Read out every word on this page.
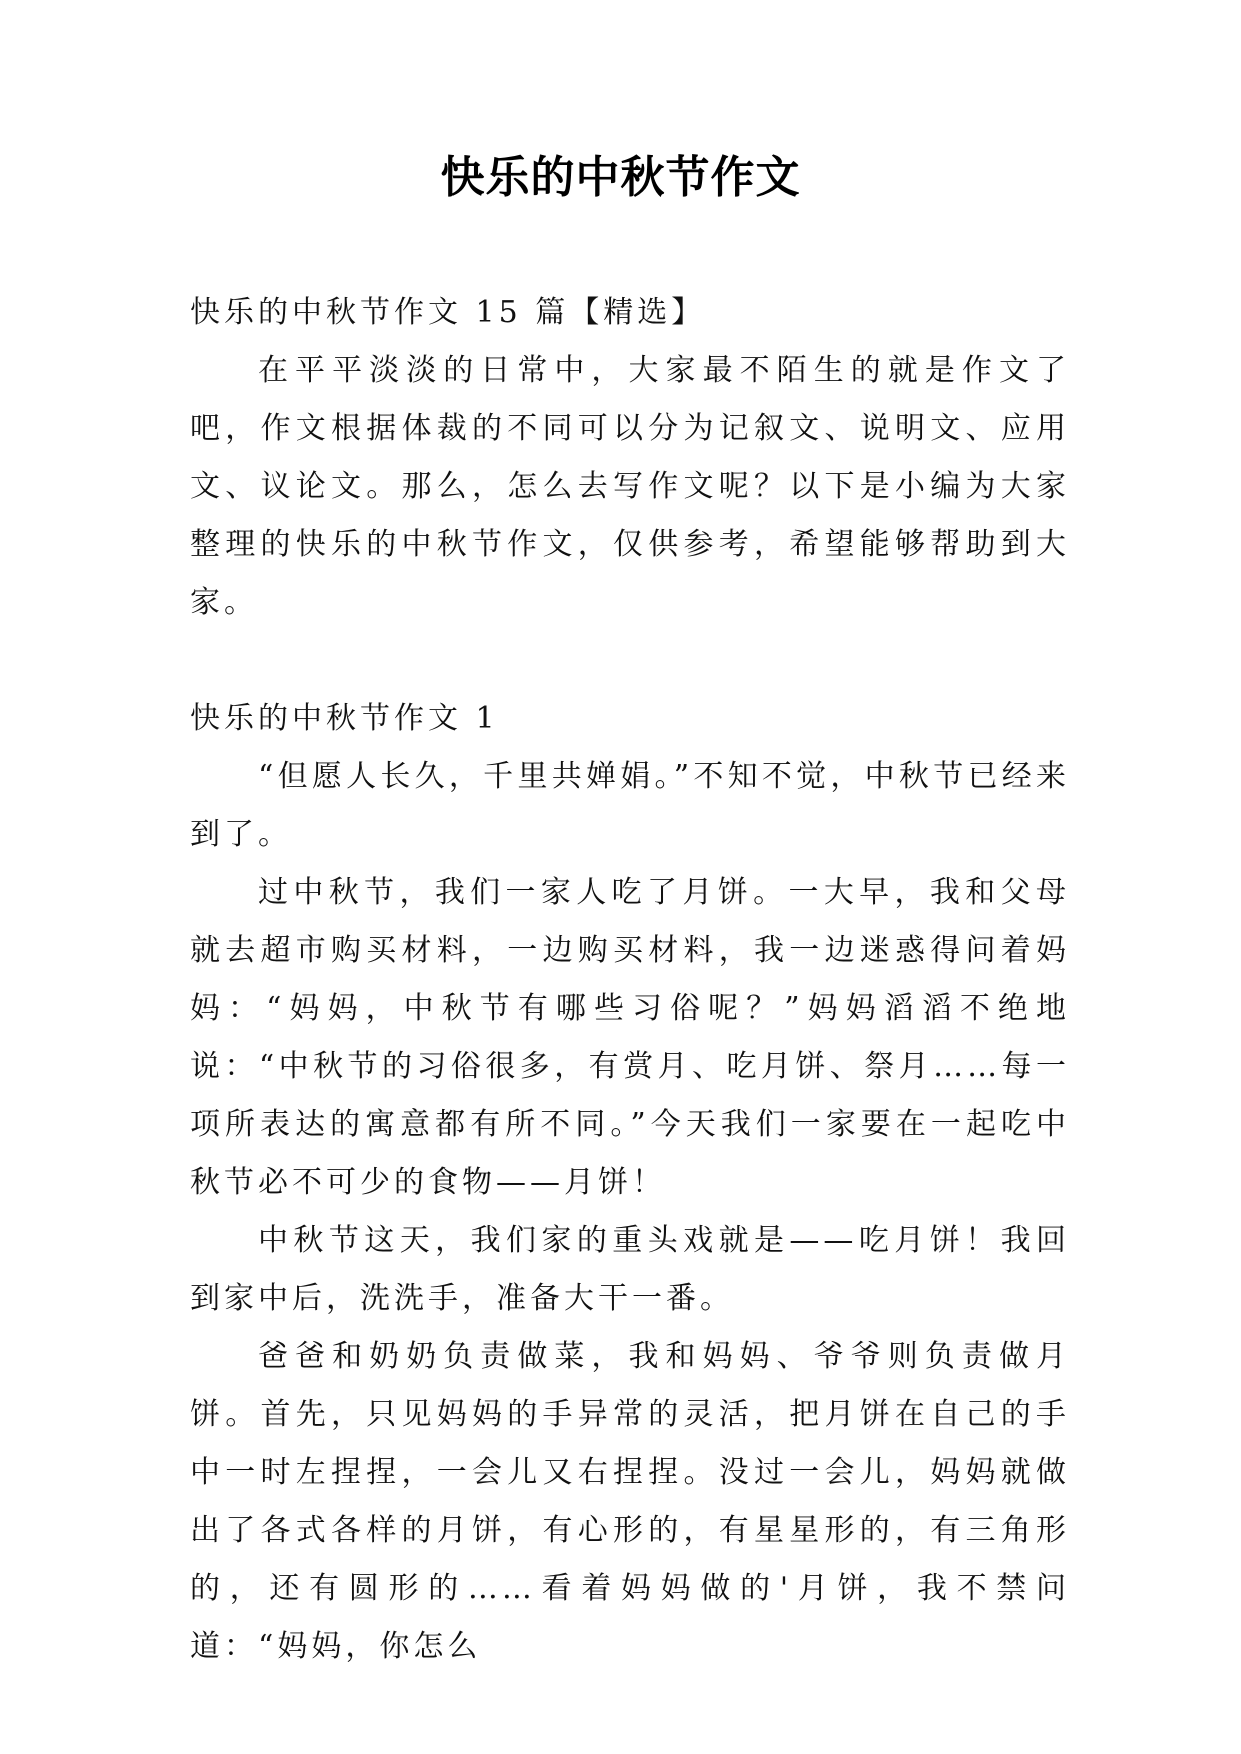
快乐的中秋节作文

快乐的中秋节作文 15 篇【精选】

在平平淡淡的日常中，大家最不陌生的就是作文了吧，作文根据体裁的不同可以分为记叙文、说明文、应用文、议论文。那么，怎么去写作文呢？以下是小编为大家整理的快乐的中秋节作文，仅供参考，希望能够帮助到大家。

快乐的中秋节作文 1

“但愿人长久，千里共婵娟。”不知不觉，中秋节已经来到了。

过中秋节，我们一家人吃了月饼。一大早，我和父母就去超市购买材料，一边购买材料，我一边迷惑得问着妈妈：“妈妈，中秋节有哪些习俗呢？”妈妈滔滔不绝地说：“中秋节的习俗很多，有赏月、吃月饼、祭月……每一项所表达的寓意都有所不同。”今天我们一家要在一起吃中秋节必不可少的食物——月饼！

中秋节这天，我们家的重头戏就是——吃月饼！我回到家中后，洗洗手，准备大干一番。

爸爸和奶奶负责做菜，我和妈妈、爷爷则负责做月饼。首先，只见妈妈的手异常的灵活，把月饼在自己的手中一时左捏捏，一会儿又右捏捏。没过一会儿，妈妈就做出了各式各样的月饼，有心形的，有星星形的，有三角形的，还有圆形的……看着妈妈做的'月饼，我不禁问道：“妈妈，你怎么
